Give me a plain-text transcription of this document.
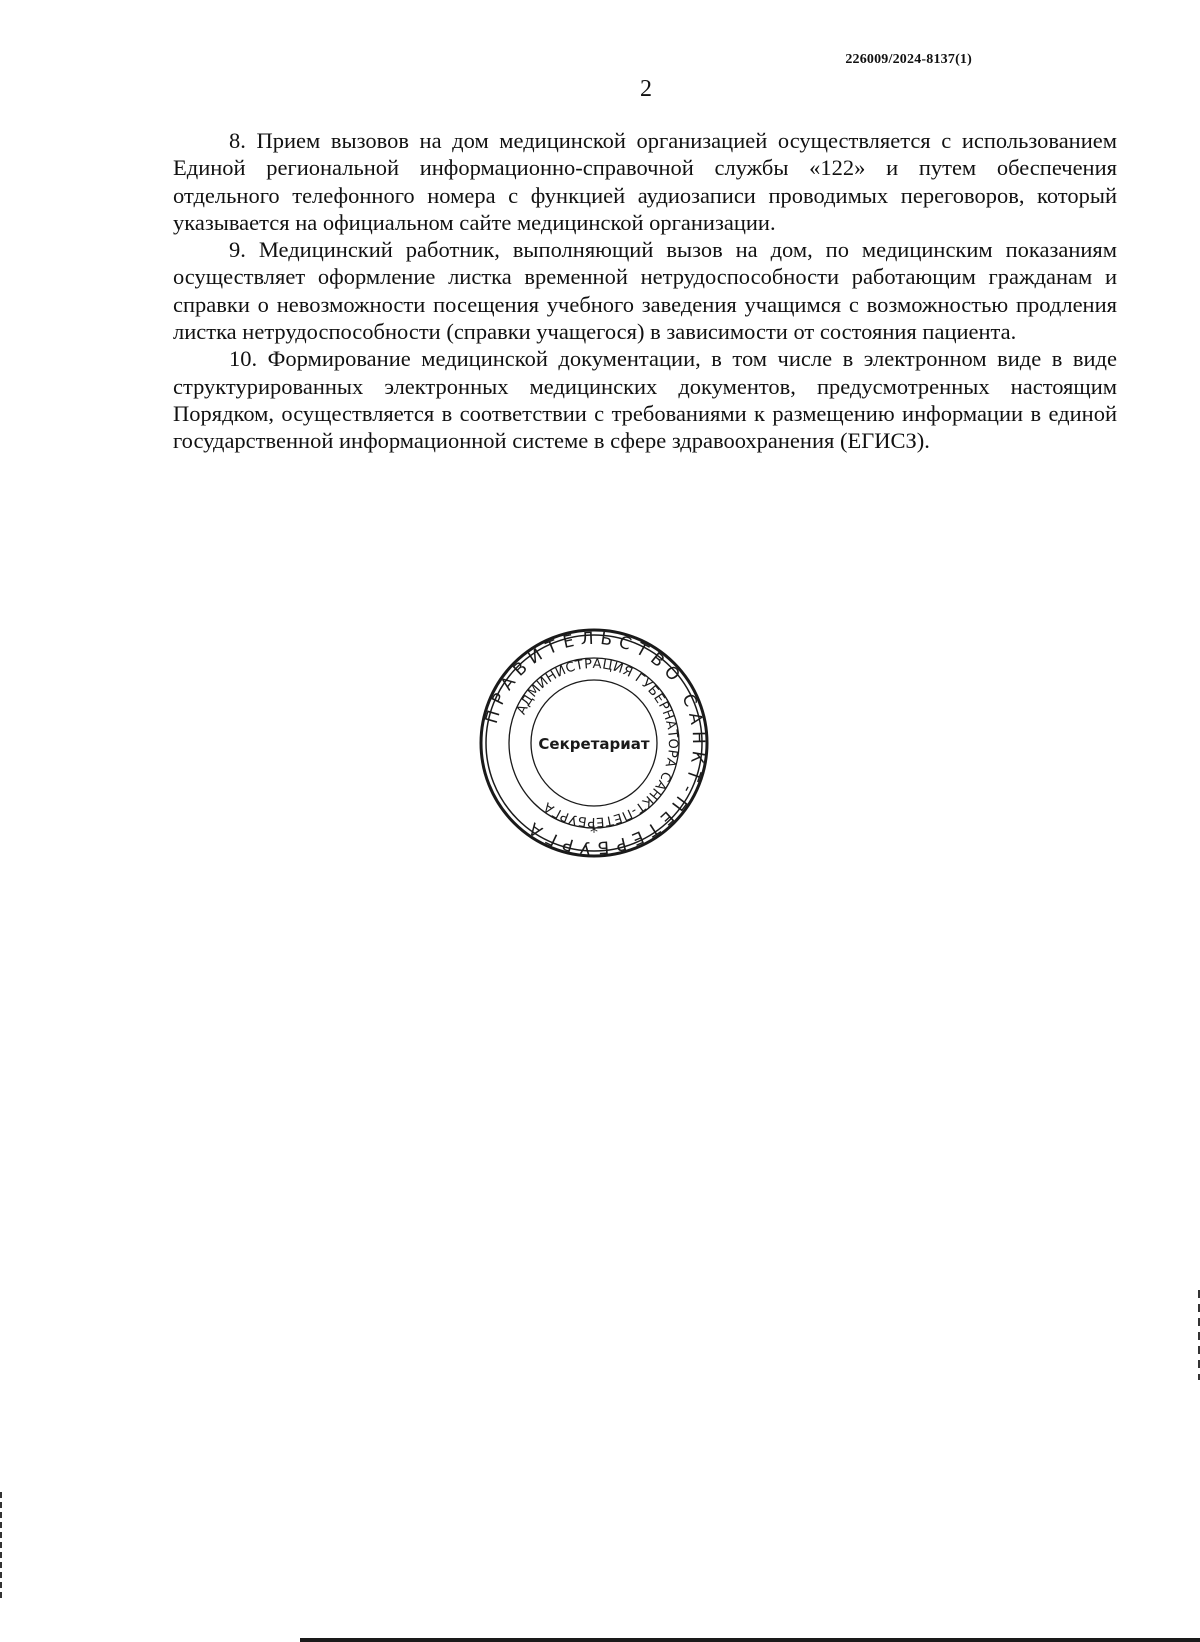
226009/2024-8137(1)
2

8. Прием вызовов на дом медицинской организацией осуществляется с использованием Единой региональной информационно-справочной службы «122» и путем обеспечения отдельного телефонного номера с функцией аудиозаписи проводимых переговоров, который указывается на официальном сайте медицинской организации.

9. Медицинский работник, выполняющий вызов на дом, по медицинским показаниям осуществляет оформление листка временной нетрудоспособности работающим гражданам и справки о невозможности посещения учебного заведения учащимся с возможностью продления листка нетрудоспособности (справки учащегося) в зависимости от состояния пациента.

10. Формирование медицинской документации, в том числе в электронном виде в виде структурированных электронных медицинских документов, предусмотренных настоящим Порядком, осуществляется в соответствии с требованиями к размещению информации в единой государственной информационной системе в сфере здравоохранения (ЕГИСЗ).

ПРАВИТЕЛЬСТВО САНКТ-ПЕТЕРБУРГА
АДМИНИСТРАЦИЯ ГУБЕРНАТОРА САНКТ-ПЕТЕРБУРГА
Секретариат
*
